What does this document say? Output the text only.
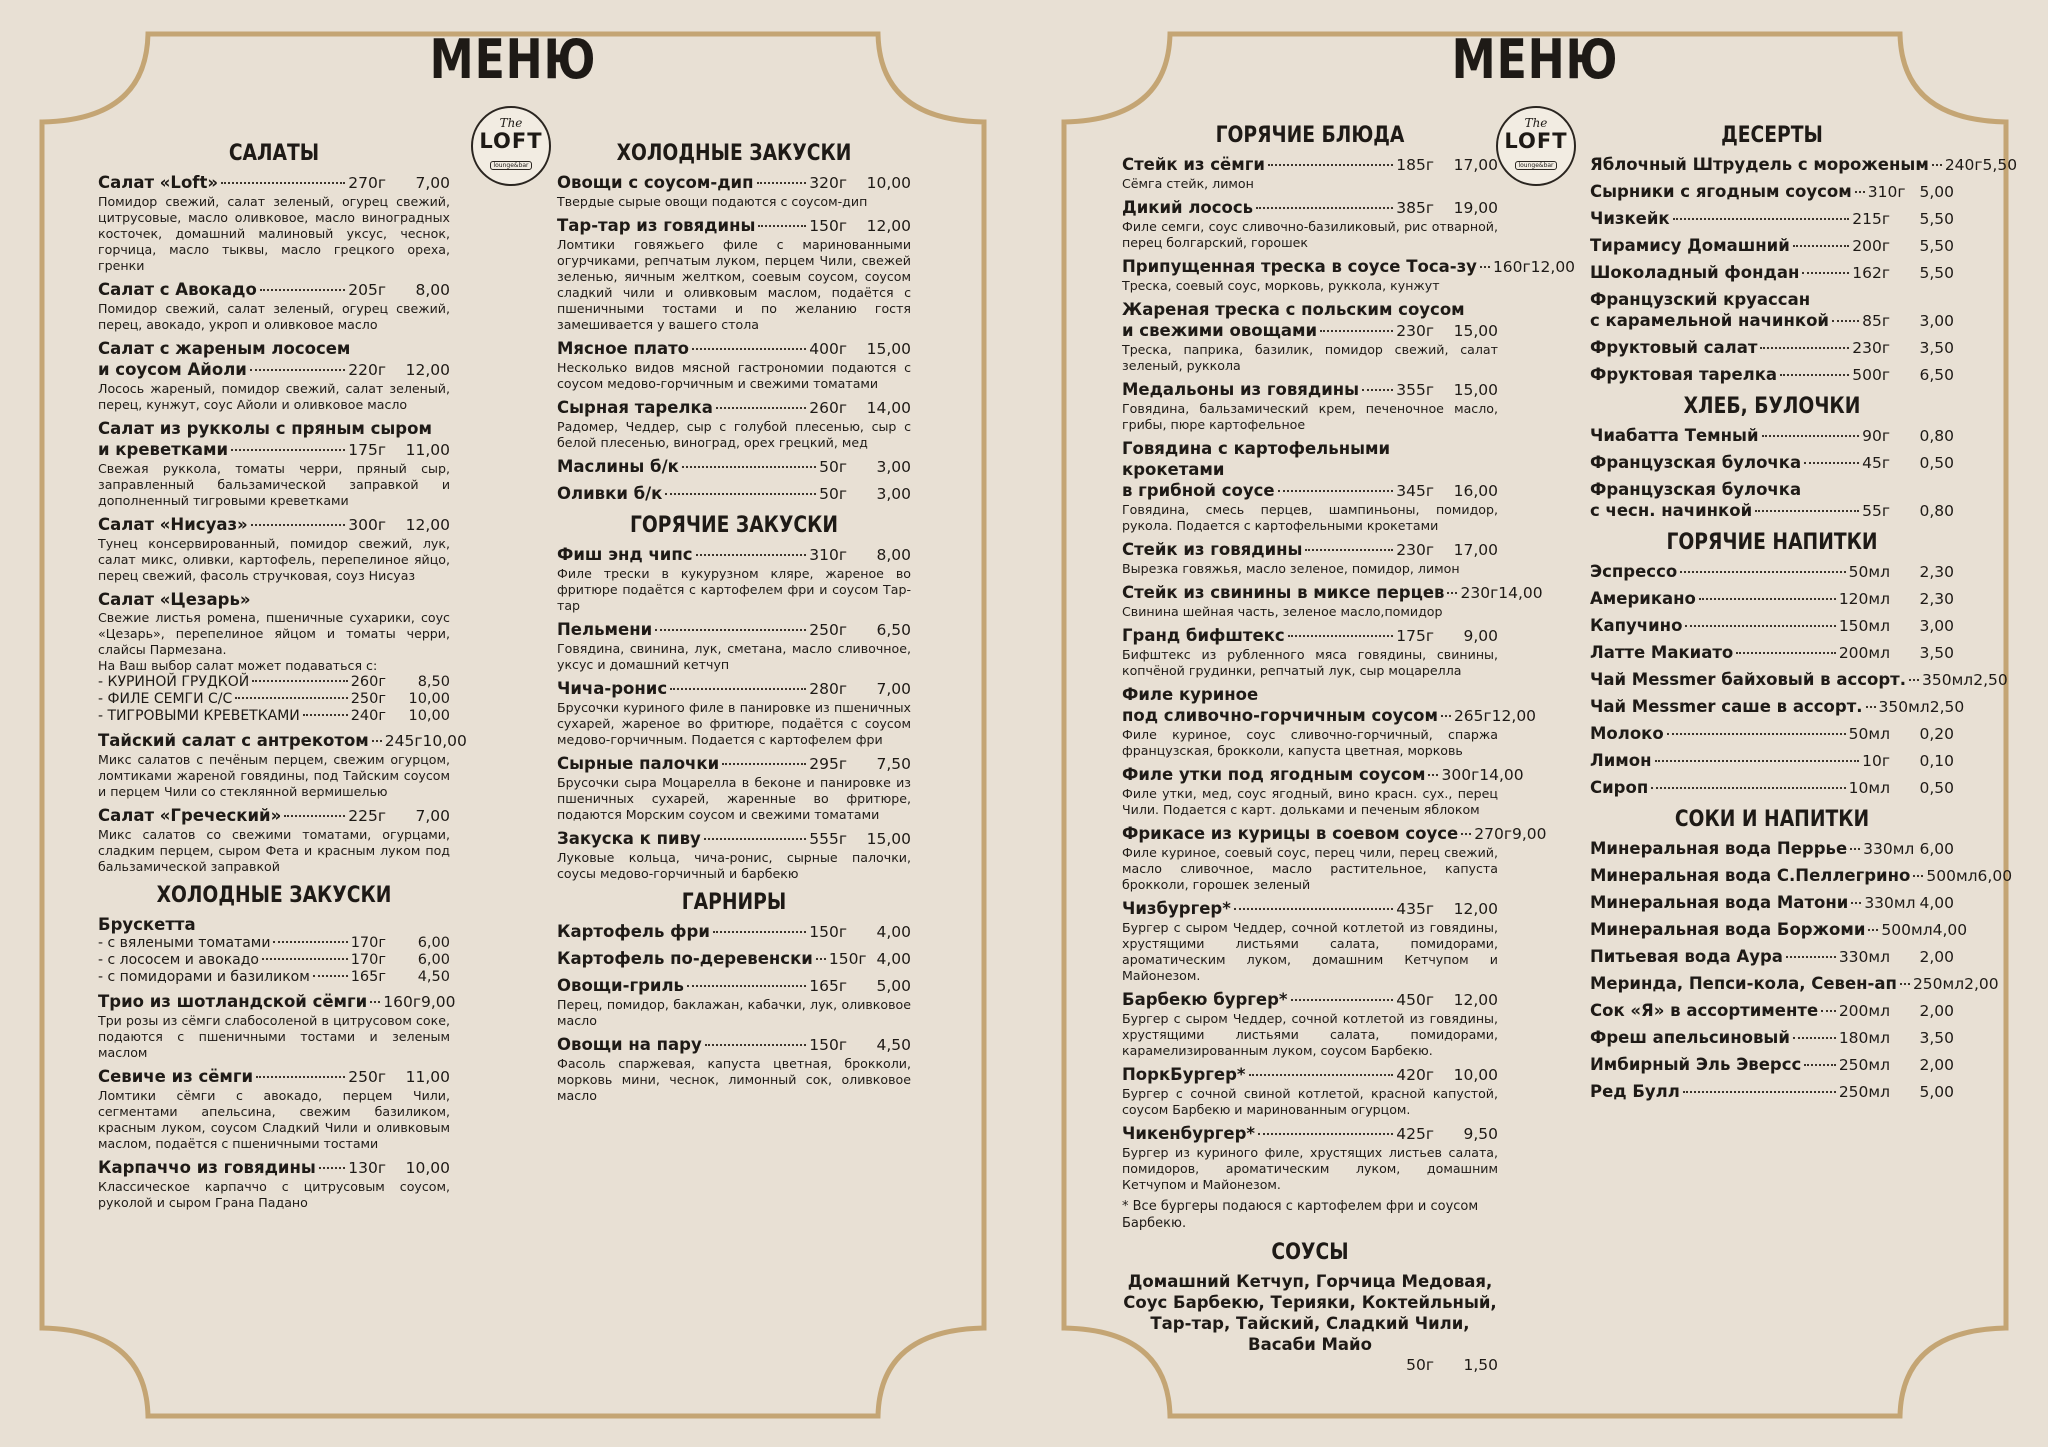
МЕНЮ	МЕНЮ
The
LOFT
lounge&bar
The
LOFT
lounge&bar
САЛАТЫ
Салат «Loft»	270г	7,00
Помидор свежий, салат зеленый, огурец свежий, цитрусовые, масло оливковое, масло виноградных косточек, домашний малиновый уксус, чеснок, горчица, масло тыквы, масло грецкого ореха, гренки
Салат с Авокадо	205г	8,00
Помидор свежий, салат зеленый, огурец свежий, перец, авокадо, укроп и оливковое масло
Салат с жареным лососем
и соусом Айоли	220г	12,00
Лосось жареный, помидор свежий, салат зеленый, перец, кунжут, соус Айоли и оливковое масло
Салат из рукколы с пряным сыром
и креветками	175г	11,00
Свежая руккола, томаты черри, пряный сыр, заправленный бальзамической заправкой и дополненный тигровыми креветками
Салат «Нисуаз»	300г	12,00
Тунец консервированный, помидор свежий, лук, салат микс, оливки, картофель, перепелиное яйцо, перец свежий, фасоль стручковая, соуз Нисуаз
Салат «Цезарь»
Свежие листья ромена, пшеничные сухарики, соус «Цезарь», перепелиное яйцом и томаты черри, слайсы Пармезана.
На Ваш выбор салат может подаваться с:
- КУРИНОЙ ГРУДКОЙ	260г	8,50
- ФИЛЕ СЕМГИ С/С	250г	10,00
- ТИГРОВЫМИ КРЕВЕТКАМИ	240г	10,00
Тайский салат с антрекотом 245г 10,00
Микс салатов с печёным перцем, свежим огурцом, ломтиками жареной говядины, под Тайским соусом и перцем Чили со стеклянной вермишелью
Салат «Греческий»	225г	7,00
Микс салатов со свежими томатами, огурцами, сладким перцем, сыром Фета и красным луком под бальзамической заправкой
ХОЛОДНЫЕ ЗАКУСКИ
Брускетта
- с вялеными томатами	170г	6,00
- с лососем и авокадо	170г	6,00
- с помидорами и базиликом	165г	4,50
Трио из шотландской сёмги 160г 9,00
Три розы из сёмги слабосоленой в цитрусовом соке, подаются с пшеничными тостами и зеленым маслом
Севиче из сёмги	250г	11,00
Ломтики сёмги с авокадо, перцем Чили, сегментами апельсина, свежим базиликом, красным луком, соусом Сладкий Чили и оливковым маслом, подаётся с пшеничными тостами
Карпаччо из говядины 130г	10,00
Классическое карпаччо с цитрусовым соусом, руколой и сыром Грана Падано
ХОЛОДНЫЕ ЗАКУСКИ
Овощи с соусом-дип	320г	10,00
Твердые сырые овощи подаются с соусом-дип
Тар-тар из говядины	150г	12,00
Ломтики говяжьего филе с маринованными огурчиками, репчатым луком, перцем Чили, свежей зеленью, яичным желтком, соевым соусом, соусом сладкий чили и оливковым маслом, подаётся с пшеничными тостами и по желанию гостя замешивается у вашего стола
Мясное плато	400г	15,00
Несколько видов мясной гастрономии подаются с соусом медово-горчичным и свежими томатами
Сырная тарелка	260г	14,00
Радомер, Чеддер, сыр с голубой плесенью, сыр с белой плесенью, виноград, орех грецкий, мед
Маслины б/к	50г	3,00
Оливки б/к	50г	3,00
ГОРЯЧИЕ ЗАКУСКИ
Фиш энд чипс	310г	8,00
Филе трески в кукурузном кляре, жареное во фритюре подаётся с картофелем фри и соусом Тар-тар
Пельмени	250г	6,50
Говядина, свинина, лук, сметана, масло сливочное, уксус и домашний кетчуп
Чича-ронис	280г	7,00
Брусочки куриного филе в панировке из пшеничных сухарей, жареное во фритюре, подаётся с соусом медово-горчичным. Подается с картофелем фри
Сырные палочки	295г	7,50
Брусочки сыра Моцарелла в беконе и панировке из пшеничных сухарей, жаренные во фритюре, подаются Морским соусом и свежими томатами
Закуска к пиву	555г	15,00
Луковые кольца, чича-ронис, сырные палочки, соусы медово-горчичный и барбекю
ГАРНИРЫ
Картофель фри	150г	4,00
Картофель по-деревенски 150г 4,00
Овощи-гриль	165г	5,00
Перец, помидор, баклажан, кабачки, лук, оливковое масло
Овощи на пару	150г	4,50
Фасоль спаржевая, капуста цветная, брокколи, морковь мини, чеснок, лимонный сок, оливковое масло
ГОРЯЧИЕ БЛЮДА
Стейк из сёмги	185г	17,00
Сёмга стейк, лимон
Дикий лосось	385г	19,00
Филе семги, соус сливочно-базиликовый, рис отварной, перец болгарский, горошек
Припущенная треска в соусе Тоса-зу 160г 12,00
Треска, соевый соус, морковь, руккола, кунжут
Жареная треска с польским соусом
и свежими овощами	230г	15,00
Треска, паприка, базилик, помидор свежий, салат зеленый, руккола
Медальоны из говядины 355г	15,00
Говядина, бальзамический крем, печеночное масло, грибы, пюре картофельное
Говядина с картофельными крокетами
в грибной соусе	345г	16,00
Говядина, смесь перцев, шампиньоны, помидор, рукола. Подается с картофельными крокетами
Стейк из говядины	230г	17,00
Вырезка говяжья, масло зеленое, помидор, лимон
Стейк из свинины в миксе перцев 230г 14,00
Свинина шейная часть, зеленое масло,помидор
Гранд бифштекс	175г	9,00
Бифштекс из рубленного мяса говядины, свинины, копчёной грудинки, репчатый лук, сыр моцарелла
Филе куриное
под сливочно-горчичным соусом 265г 12,00
Филе куриное, соус сливочно-горчичный, спаржа французская, брокколи, капуста цветная, морковь
Филе утки под ягодным соусом 300г 14,00
Филе утки, мед, соус ягодный, вино красн. сух., перец Чили. Подается с карт. дольками и печеным яблоком
Фрикасе из курицы в соевом соусе 270г 9,00
Филе куриное, соевый соус, перец чили, перец свежий, масло сливочное, масло растительное, капуста брокколи, горошек зеленый
Чизбургер*	435г	12,00
Бургер с сыром Чеддер, сочной котлетой из говядины, хрустящими листьями салата, помидорами, ароматическим луком, домашним Кетчупом и Майонезом.
Барбекю бургер*	450г	12,00
Бургер с сыром Чеддер, сочной котлетой из говядины, хрустящими листьями салата, помидорами, карамелизированным луком, соусом Барбекю.
ПоркБургер*	420г	10,00
Бургер с сочной свиной котлетой, красной капустой, соусом Барбекю и маринованным огурцом.
Чикенбургер*	425г	9,50
Бургер из куриного филе, хрустящих листьев салата, помидоров, ароматическим луком, домашним Кетчупом и Майонезом.
* Все бургеры подаюся с картофелем фри и соусом Барбекю.
СОУСЫ
Домашний Кетчуп, Горчица Медовая, Соус Барбекю, Терияки, Коктейльный, Тар-тар, Тайский, Сладкий Чили, Васаби Майо
50г	1,50
ДЕСЕРТЫ
Яблочный Штрудель с мороженым 240г 5,50
Сырники с ягодным соусом 310г 5,00
Чизкейк	215г	5,50
Тирамису Домашний	200г	5,50
Шоколадный фондан	162г	5,50
Французский круассан
с карамельной начинкой 85г	3,00
Фруктовый салат	230г	3,50
Фруктовая тарелка	500г	6,50
ХЛЕБ, БУЛОЧКИ
Чиабатта Темный	90г	0,80
Французская булочка	45г	0,50
Французская булочка
с чесн. начинкой	55г	0,80
ГОРЯЧИЕ НАПИТКИ
Эспрессо	50мл	2,30
Американо	120мл	2,30
Капучино	150мл	3,00
Латте Макиато	200мл	3,50
Чай Messmer байховый в ассорт. 350мл 2,50
Чай Messmer саше в ассорт. 350мл 2,50
Молоко	50мл	0,20
Лимон	10г	0,10
Сироп	10мл	0,50
СОКИ И НАПИТКИ
Минеральная вода Перрье 330мл 6,00
Минеральная вода С.Пеллегрино 500мл 6,00
Минеральная вода Матони 330мл 4,00
Минеральная вода Боржоми 500мл 4,00
Питьевая вода Аура	330мл	2,00
Меринда, Пепси-кола, Севен-ап 250мл 2,00
Сок «Я» в ассортименте 200мл	2,00
Фреш апельсиновый	180мл	3,50
Имбирный Эль Эверсс 250мл	2,00
Ред Булл	250мл	5,00
